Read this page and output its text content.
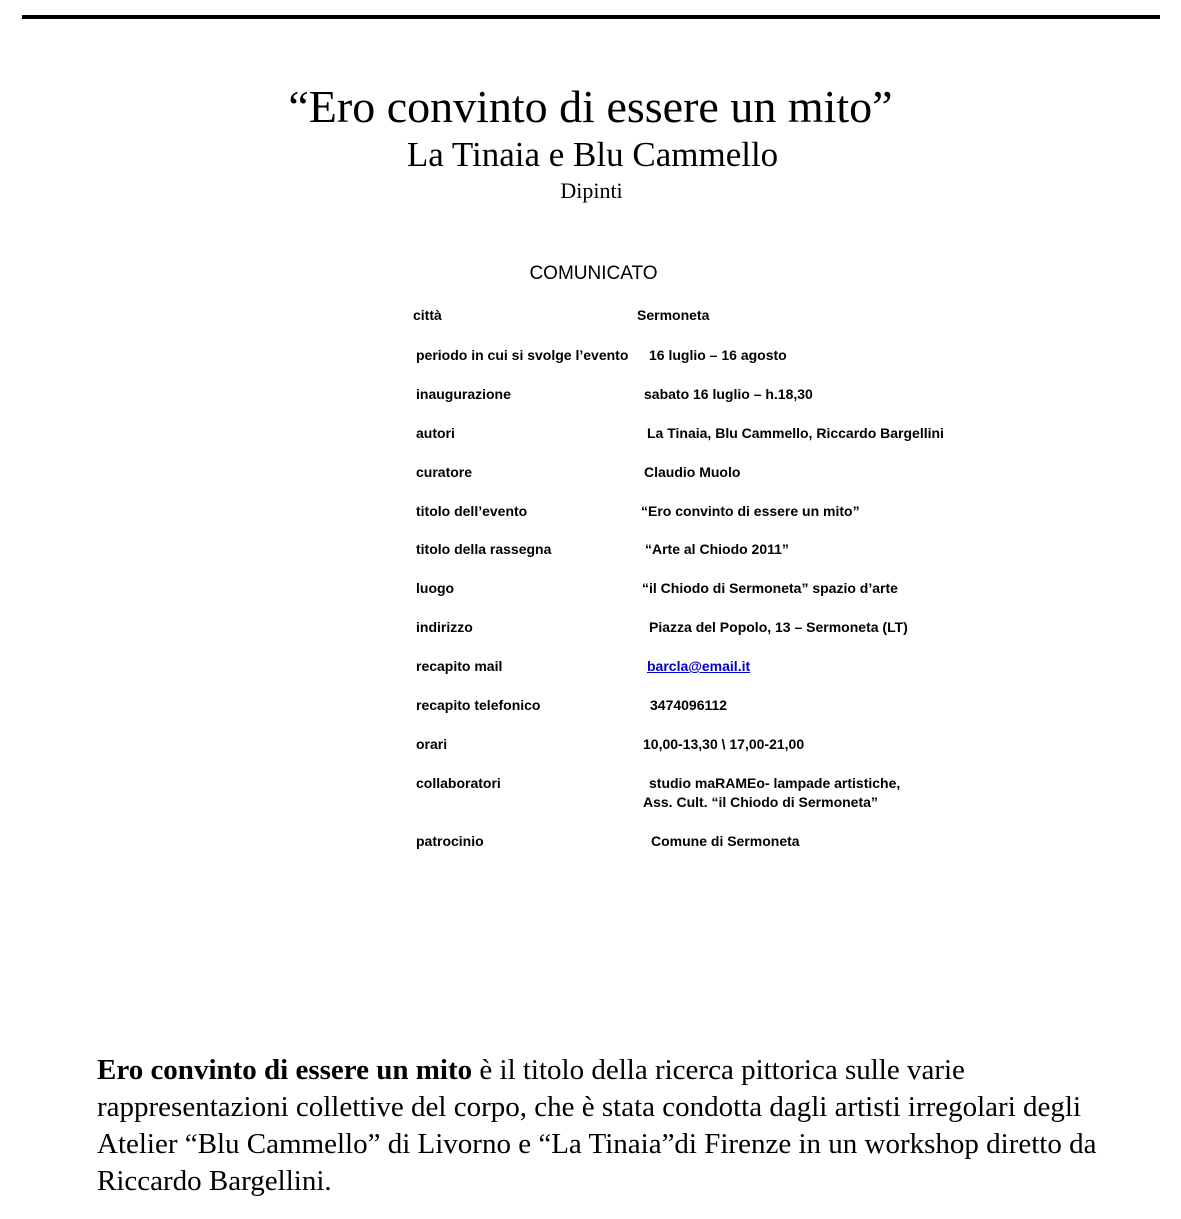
“Ero convinto di essere un mito”
La Tinaia e Blu Cammello
Dipinti
COMUNICATO
città	Sermoneta
periodo in cui si svolge l’evento 16 luglio – 16 agosto
inaugurazione	sabato 16 luglio – h.18,30
autori	La Tinaia, Blu Cammello, Riccardo Bargellini
curatore	Claudio Muolo
titolo dell’evento	“Ero convinto di essere un mito”
titolo della rassegna	“Arte al Chiodo 2011”
luogo	“il Chiodo di Sermoneta” spazio d’arte
indirizzo	Piazza del Popolo, 13 – Sermoneta (LT)
recapito mail	barcla@email.it
recapito telefonico	3474096112
orari	10,00-13,30 \ 17,00-21,00
collaboratori	studio maRAMEo- lampade artistiche,
Ass. Cult. “il Chiodo di Sermoneta”
patrocinio	Comune di Sermoneta

Ero convinto di essere un mito è il titolo della ricerca pittorica sulle varie rappresentazioni collettive del corpo, che è stata condotta dagli artisti irregolari degli Atelier “Blu Cammello” di Livorno e “La Tinaia”di Firenze in un workshop diretto da Riccardo Bargellini.
